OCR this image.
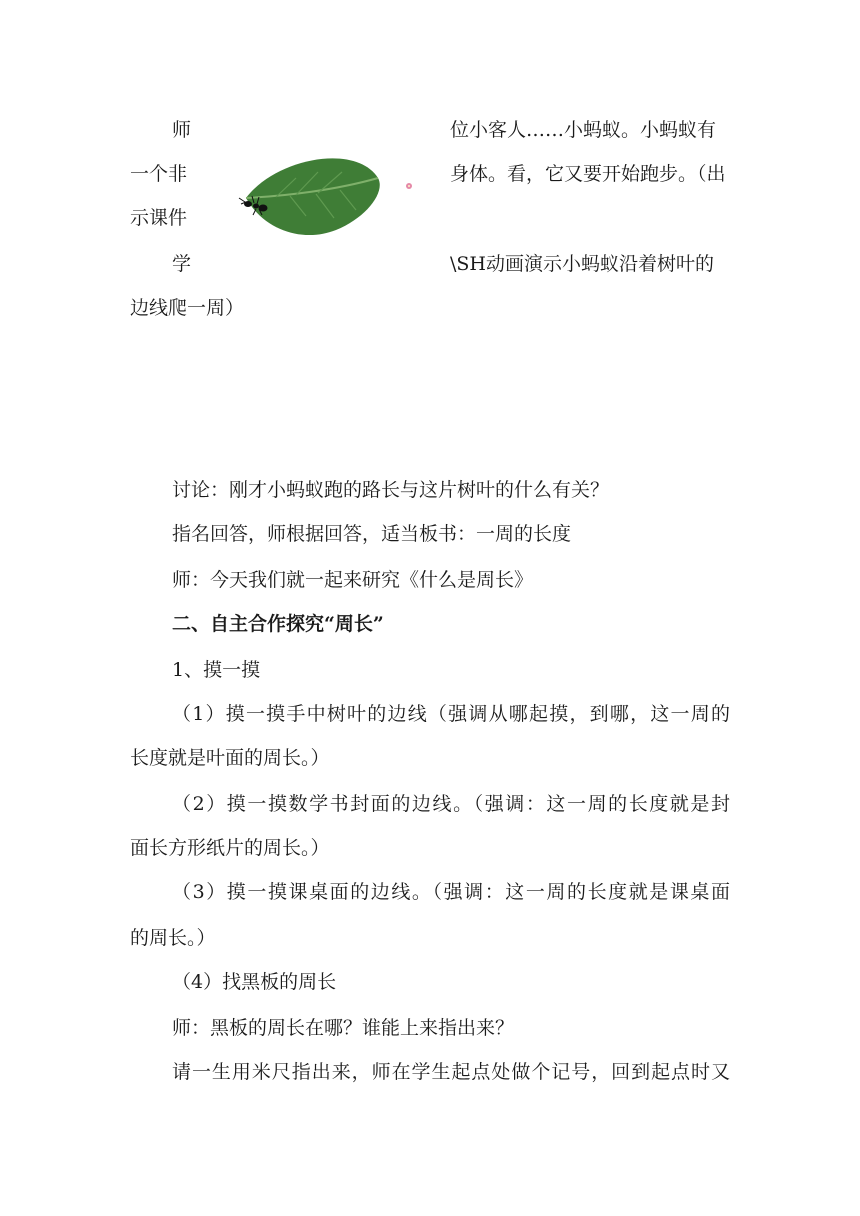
师	位小客人……小蚂蚁。小蚂蚁有
一个非	身体。看，它又要开始跑步。（出
示课件
学	\SH动画演示小蚂蚁沿着树叶的
边线爬一周）
讨论：刚才小蚂蚁跑的路长与这片树叶的什么有关？
指名回答，师根据回答，适当板书：一周的长度
师：今天我们就一起来研究《什么是周长》
二、自主合作探究“周长”
1、摸一摸
（1）摸一摸手中树叶的边线（强调从哪起摸，到哪，这一周的
长度就是叶面的周长。）
（2）摸一摸数学书封面的边线。（强调：这一周的长度就是封
面长方形纸片的周长。）
（3）摸一摸课桌面的边线。（强调：这一周的长度就是课桌面
的周长。）
（4）找黑板的周长
师：黑板的周长在哪？谁能上来指出来？
请一生用米尺指出来，师在学生起点处做个记号，回到起点时又
